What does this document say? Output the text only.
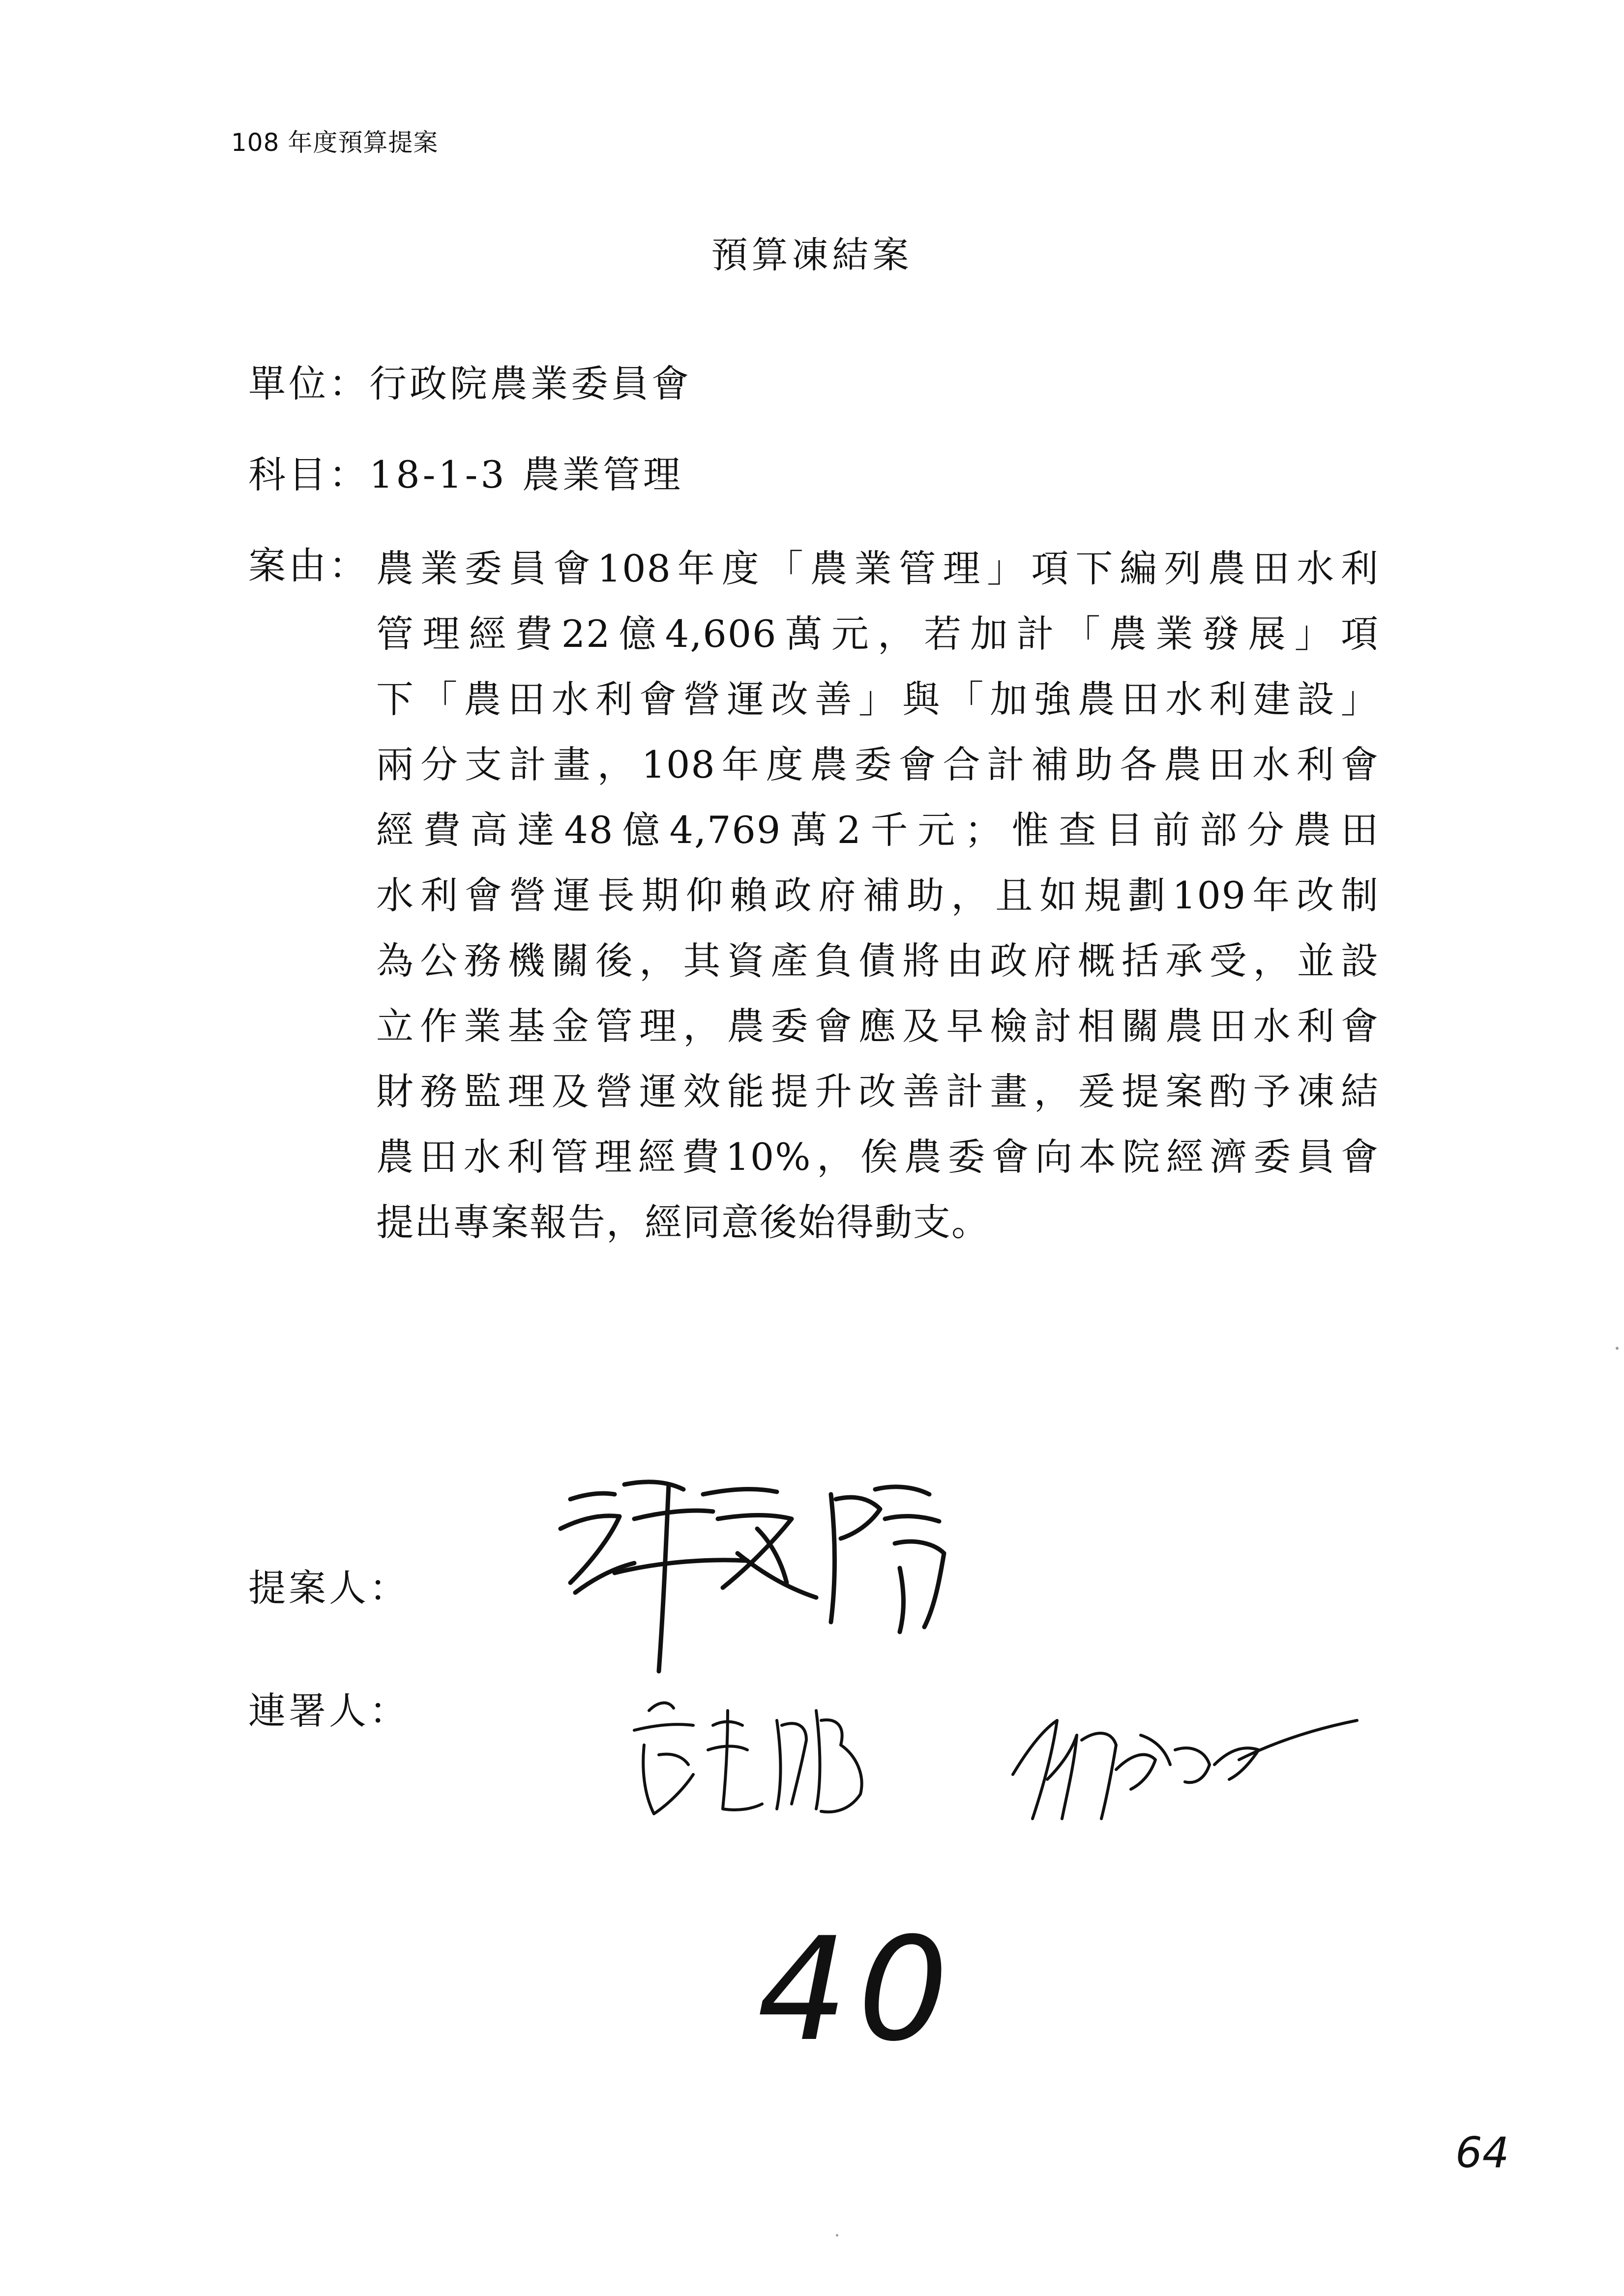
108 年度預算提案
預算凍結案
單位：行政院農業委員會
科目：18-1-3 農業管理
案由： 農業委員會108年度「農業管理」項下編列農田水利
管理經費22億4,606萬元，若加計「農業發展」項
下「農田水利會營運改善」與「加強農田水利建設」
兩分支計畫，108年度農委會合計補助各農田水利會
經費高達48億4,769萬2千元；惟查目前部分農田
水利會營運長期仰賴政府補助，且如規劃109年改制
為公務機關後，其資產負債將由政府概括承受，並設
立作業基金管理，農委會應及早檢討相關農田水利會
財務監理及營運效能提升改善計畫，爰提案酌予凍結
農田水利管理經費10%，俟農委會向本院經濟委員會
提出專案報告，經同意後始得動支。
提案人：
連署人：
40
64
